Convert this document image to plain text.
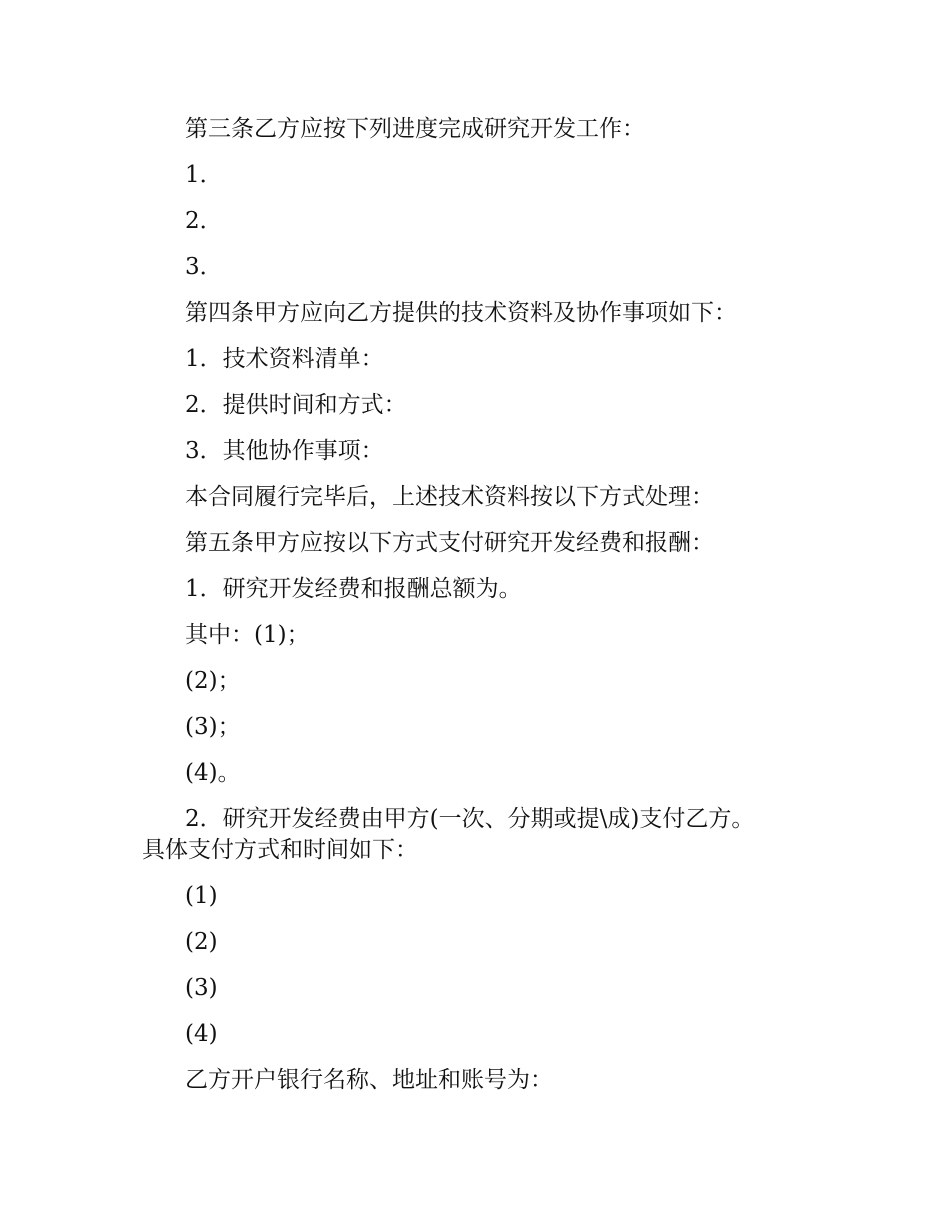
第三条乙方应按下列进度完成研究开发工作：
1．
2．
3．
第四条甲方应向乙方提供的技术资料及协作事项如下：
1．技术资料清单：
2．提供时间和方式：
3．其他协作事项：
本合同履行完毕后，上述技术资料按以下方式处理：
第五条甲方应按以下方式支付研究开发经费和报酬：
1．研究开发经费和报酬总额为。
其中：(1)；
(2)；
(3)；
(4)。
2．研究开发经费由甲方(一次、分期或提\成)支付乙方。
具体支付方式和时间如下：
(1)
(2)
(3)
(4)
乙方开户银行名称、地址和账号为：
